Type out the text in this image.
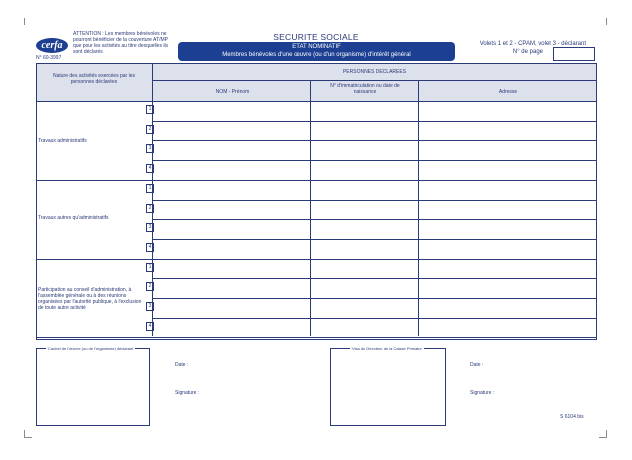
cerfa
ATTENTION : Les membres bénévoles ne pourront bénéficier de la couverture AT/MP que pour les activités au titre desquelles ils sont déclarés
N° 60-3997
SECURITE SOCIALE
ETAT NOMINATIF
Membres bénévoles d'une œuvre (ou d'un organisme) d'intérêt général
Volets 1 et 2 - CPAM, volet 3 - déclarant
N° de page
Nature des activités exercées par les personnes déclarées
PERSONNES DECLAREES
NOM - Prénom
N° d'immatriculation ou date de naissance	Adresse
Travaux administratifs
1
2
3
4
Travaux autres qu'administratifs
1
2
3
4
Participation au conseil d'administration, à l'assemblée générale ou à des réunions organisées par l'autorité publique, à l'exclusion de toute autre activité
1
2
3
4
Cachet de l'œuvre (ou de l'organisme) déclarant	Visa du Directeur de la Caisse Primaire
Date :
Signature :
Date :
Signature :
S 6104 bis
